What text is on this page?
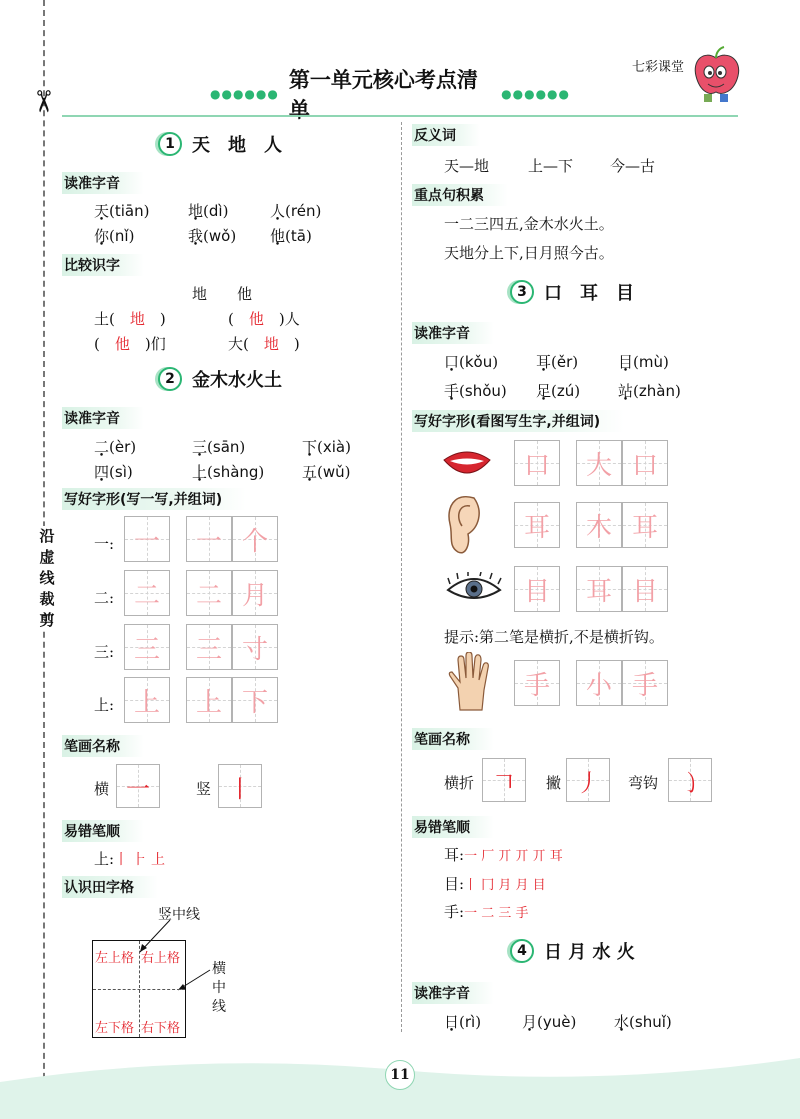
✂
沿
虚
线
裁
剪
●●●●●●
第一单元核心考点清单
●●●●●●
七彩课堂
1 天　地　人
读准字音
天(tiān)	地(dì)	人(rén)
你(nǐ)	我(wǒ) 他(tā)
比较识字
地　　他
土(　 地　 )	(　 他　 )人
(　 他　 )们	大(　 地　 )
2 金木水火土
读准字音
二(èr)	三(sān)	下(xià)
四(sì)	上(shàng)	五(wǔ)
写好字形(写一写,并组词)
一: 一	一 个
二: 二	二 月
三: 三	三 寸
上: 上	上 下
笔画名称
横 一	竖 丨
易错笔顺
上:丨 ⺊ 上
认识田字格
竖中线
横
中
线
左上格 右上格
左下格 右下格
反义词
天—地	上—下 今—古
重点句积累
一二三四五,金木水火土。
天地分上下,日月照今古。
3 口　耳　目
读准字音
口(kǒu)	耳(ěr)	目(mù)
手(shǒu) 足(zú)	站(zhàn)
写好字形(看图写生字,并组词)
口	大 口
耳	木 耳
目	耳 目
提示:第二笔是横折,不是横折钩。
手	小 手
笔画名称
横折 𠃍	撇 丿	弯钩 ㇁
易错笔顺
耳:一 厂 丌 丌 丌 耳
目:丨 冂 月 月 目
手:一 二 三 手
4 日 月 水 火
读准字音
日(rì)	月(yuè)	水(shuǐ)
11
